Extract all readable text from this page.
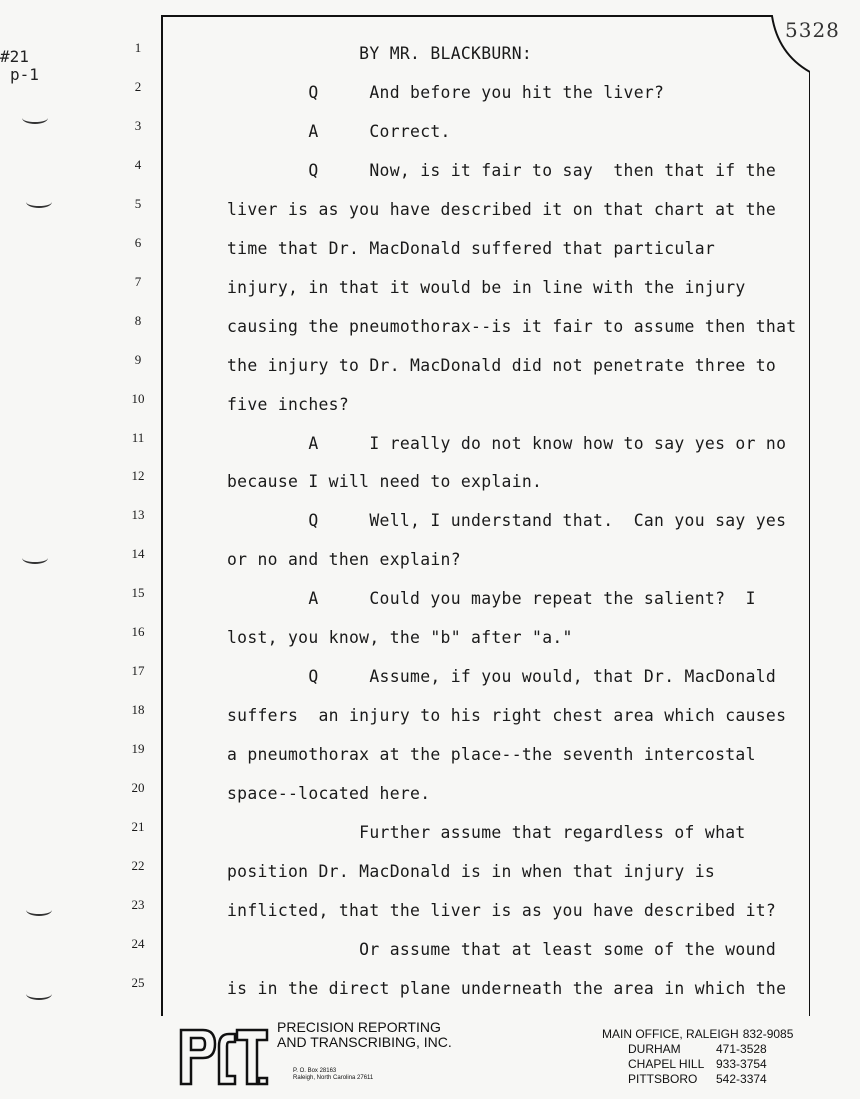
#21
p-1
5328
1
2
3
4
5
6
7
8
9
10
11
12
13
14
15
16
17
18
19
20
21
22
23
24
25
BY MR. BLACKBURN:
Q     And before you hit the liver?
A     Correct.
Q     Now, is it fair to say  then that if the
liver is as you have described it on that chart at the
time that Dr. MacDonald suffered that particular
injury, in that it would be in line with the injury
causing the pneumothorax--is it fair to assume then that
the injury to Dr. MacDonald did not penetrate three to
five inches?
A     I really do not know how to say yes or no
because I will need to explain.
Q     Well, I understand that.  Can you say yes
or no and then explain?
A     Could you maybe repeat the salient?  I
lost, you know, the "b" after "a."
Q     Assume, if you would, that Dr. MacDonald
suffers  an injury to his right chest area which causes
a pneumothorax at the place--the seventh intercostal
space--located here.
Further assume that regardless of what
position Dr. MacDonald is in when that injury is
inflicted, that the liver is as you have described it?
Or assume that at least some of the wound
is in the direct plane underneath the area in which the
PRECISION REPORTING
AND TRANSCRIBING, INC.
P. O. Box 28163
Raleigh, North Carolina 27611
MAIN OFFICE, RALEIGH 832-9085
DURHAM	471-3528
CHAPEL HILL 933-3754
PITTSBORO 542-3374
